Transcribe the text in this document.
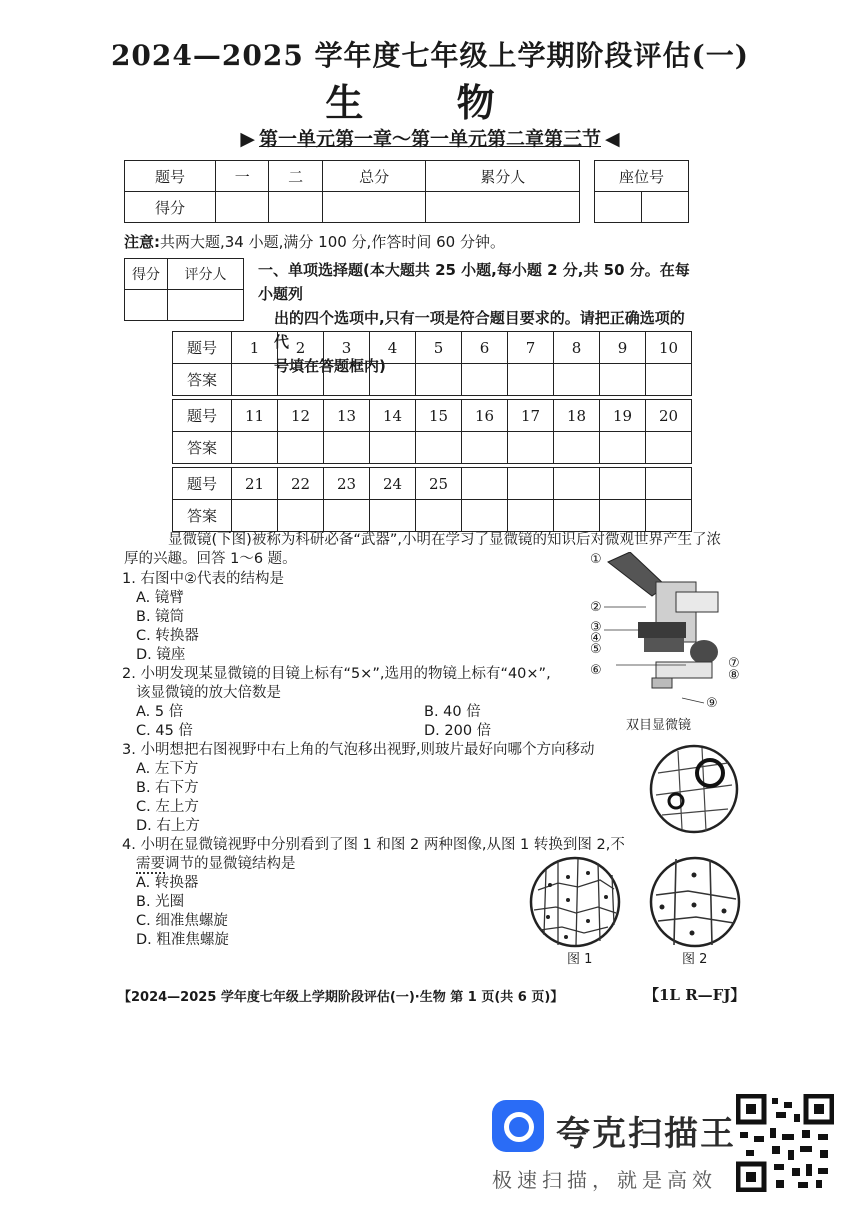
2024—2025 学年度七年级上学期阶段评估(一)
生 物
▶ 第一单元第一章～第一单元第二章第三节 ◀
题号	一	二	总分	累分人
得分				
座位号

注意:共两大题,34 小题,满分 100 分,作答时间 60 分钟。
得分	评分人
	一、单项选择题(本大题共 25 小题,每小题 2 分,共 50 分。在每小题列
出的四个选项中,只有一项是符合题目要求的。请把正确选项的代
号填在答题框内)
题号	1	2	3	4	5	6	7	8	9	10
答案										

题号	11	12	13	14	15	16	17	18	19	20
答案										

题号	21	22	23	24	25					
答案										
显微镜(下图)被称为科研必备“武器”,小明在学习了显微镜的知识后对微观世界产生了浓
厚的兴趣。回答 1～6 题。
1. 右图中②代表的结构是
A. 镜臂
B. 镜筒
C. 转换器
D. 镜座
2. 小明发现某显微镜的目镜上标有“5×”,选用的物镜上标有“40×”,
该显微镜的放大倍数是
A. 5 倍	B. 40 倍
C. 45 倍	D. 200 倍
3. 小明想把右图视野中右上角的气泡移出视野,则玻片最好向哪个方向移动
A. 左下方
B. 右下方
C. 左上方
D. 右上方
4. 小明在显微镜视野中分别看到了图 1 和图 2 两种图像,从图 1 转换到图 2,不
需要调节的显微镜结构是
A. 转换器
B. 光圈
C. 细准焦螺旋
D. 粗准焦螺旋
①
②
③
④
⑤
⑥	⑦
⑧
⑨
双目显微镜
图 1	图 2
【2024—2025 学年度七年级上学期阶段评估(一)·生物 第 1 页(共 6 页)】	【1L R—FJ】
夸克扫描王
极速扫描，就是高效
